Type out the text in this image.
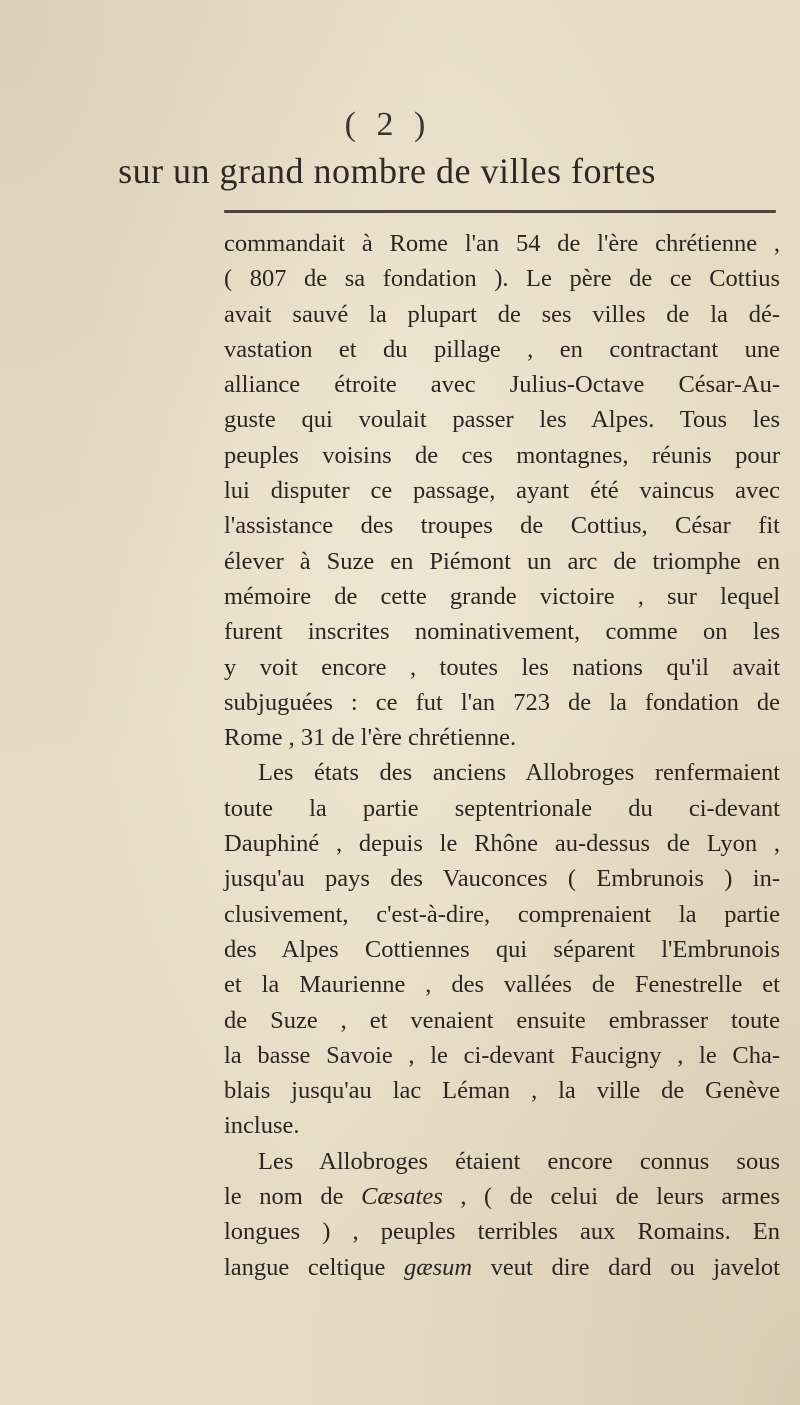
( 2 )
sur un grand nombre de villes fortes
commandait à Rome l'an 54 de l'ère chrétienne ,
( 807 de sa fondation ). Le père de ce Cottius
avait sauvé la plupart de ses villes de la dé-
vastation et du pillage , en contractant une
alliance étroite avec Julius-Octave César-Au-
guste qui voulait passer les Alpes. Tous les
peuples voisins de ces montagnes, réunis pour
lui disputer ce passage, ayant été vaincus avec
l'assistance des troupes de Cottius, César fit
élever à Suze en Piémont un arc de triomphe en
mémoire de cette grande victoire , sur lequel
furent inscrites nominativement, comme on les
y voit encore , toutes les nations qu'il avait
subjuguées : ce fut l'an 723 de la fondation de
Rome , 31 de l'ère chrétienne.
Les états des anciens Allobroges renfermaient
toute la partie septentrionale du ci-devant
Dauphiné , depuis le Rhône au-dessus de Lyon ,
jusqu'au pays des Vauconces ( Embrunois ) in-
clusivement, c'est-à-dire, comprenaient la partie
des Alpes Cottiennes qui séparent l'Embrunois
et la Maurienne , des vallées de Fenestrelle et
de Suze , et venaient ensuite embrasser toute
la basse Savoie , le ci-devant Faucigny , le Cha-
blais jusqu'au lac Léman , la ville de Genève
incluse.
Les Allobroges étaient encore connus sous
le nom de Cæsates , ( de celui de leurs armes
longues ) , peuples terribles aux Romains. En
langue celtique gæsum veut dire dard ou javelot
